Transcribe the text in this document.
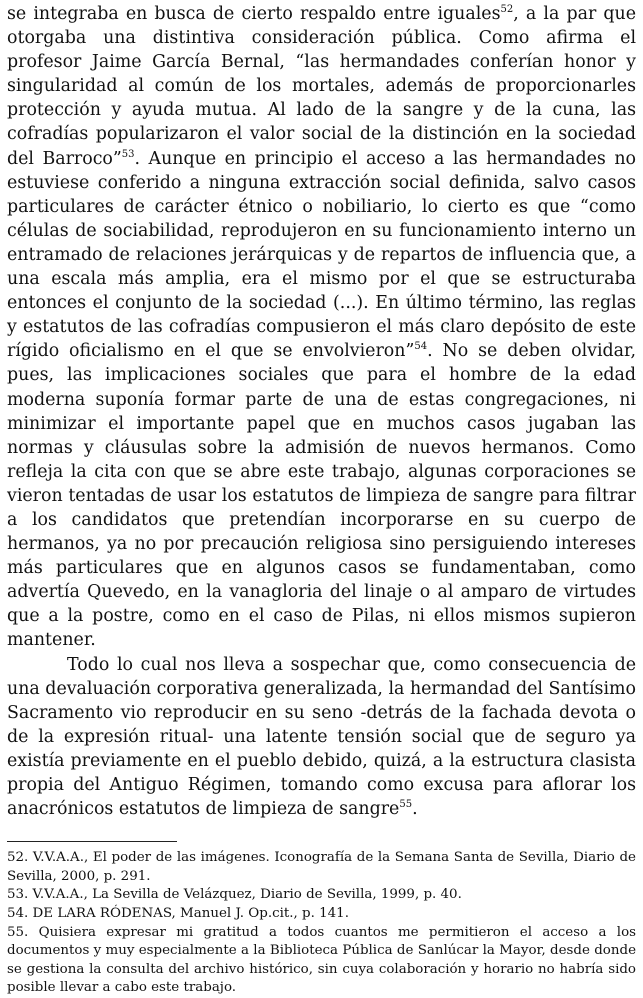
se integraba en busca de cierto respaldo entre iguales$^{52}$, a la par que otorgaba una distintiva consideración pública. Como afirma el profesor Jaime García Bernal, “las hermandades conferían honor y singularidad al común de los mortales, además de proporcionarles protección y ayuda mutua. Al lado de la sangre y de la cuna, las cofradías popularizaron el valor social de la distinción en la sociedad del Barroco”$^{53}$. Aunque en principio el acceso a las hermandades no estuviese conferido a ninguna extracción social definida, salvo casos particulares de carácter étnico o nobiliario, lo cierto es que “como células de sociabilidad, reprodujeron en su funcionamiento interno un entramado de relaciones jerárquicas y de repartos de influencia que, a una escala más amplia, era el mismo por el que se estructuraba entonces el conjunto de la sociedad (...). En último término, las reglas y estatutos de las cofradías compusieron el más claro depósito de este rígido oficialismo en el que se envolvieron”$^{54}$. No se deben olvidar, pues, las implicaciones sociales que para el hombre de la edad moderna suponía formar parte de una de estas congregaciones, ni minimizar el importante papel que en muchos casos jugaban las normas y cláusulas sobre la admisión de nuevos hermanos. Como refleja la cita con que se abre este trabajo, algunas corporaciones se vieron tentadas de usar los estatutos de limpieza de sangre para filtrar a los candidatos que pretendían incorporarse en su cuerpo de hermanos, ya no por precaución religiosa sino persiguiendo intereses más particulares que en algunos casos se fundamentaban, como advertía Quevedo, en la vanagloria del linaje o al amparo de virtudes que a la postre, como en el caso de Pilas, ni ellos mismos supieron mantener.

Todo lo cual nos lleva a sospechar que, como consecuencia de una devaluación corporativa generalizada, la hermandad del Santísimo Sacramento vio reproducir en su seno -detrás de la fachada devota o de la expresión ritual- una latente tensión social que de seguro ya existía previamente en el pueblo debido, quizá, a la estructura clasista propia del Antiguo Régimen, tomando como excusa para aflorar los anacrónicos estatutos de limpieza de sangre$^{55}$.

52. V.V.A.A., El poder de las imágenes. Iconografía de la Semana Santa de Sevilla, Diario de Sevilla, 2000, p. 291.

53. V.V.A.A., La Sevilla de Velázquez, Diario de Sevilla, 1999, p. 40.

54. DE LARA RÓDENAS, Manuel J. Op.cit., p. 141.

55. Quisiera expresar mi gratitud a todos cuantos me permitieron el acceso a los documentos y muy especialmente a la Biblioteca Pública de Sanlúcar la Mayor, desde donde se gestiona la consulta del archivo histórico, sin cuya colaboración y horario no habría sido posible llevar a cabo este trabajo.
